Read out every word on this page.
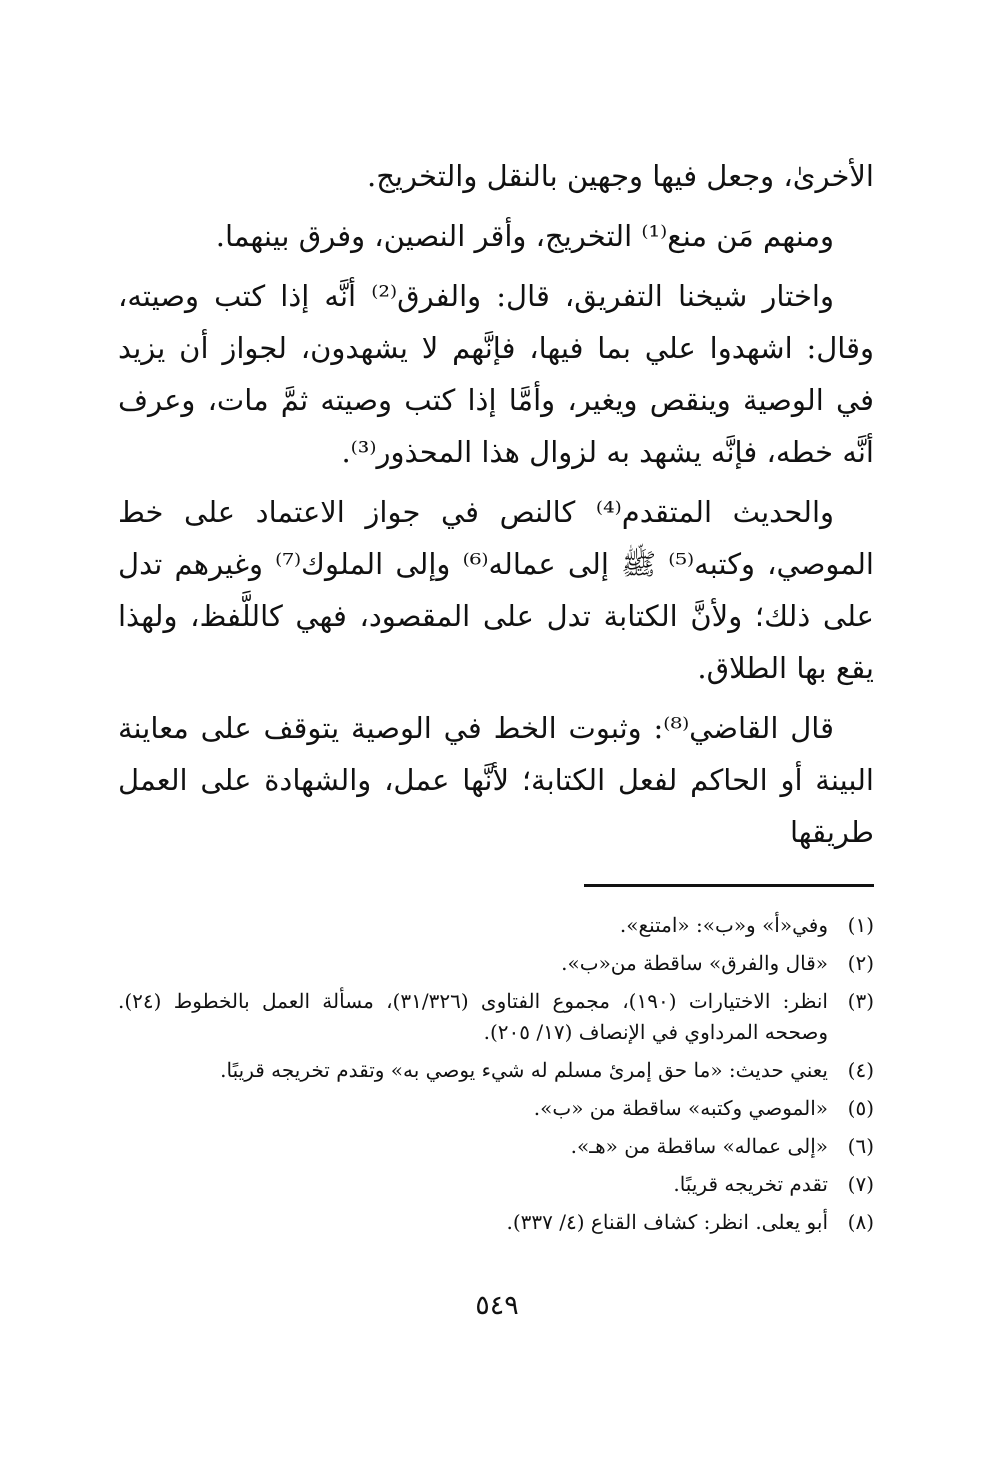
الأخرىٰ، وجعل فيها وجهين بالنقل والتخريج.

ومنهم مَن منع⁽¹⁾ التخريج، وأقر النصين، وفرق بينهما.

واختار شيخنا التفريق، قال: والفرق⁽²⁾ أنَّه إذا كتب وصيته، وقال: اشهدوا علي بما فيها، فإنَّهم لا يشهدون، لجواز أن يزيد في الوصية وينقص ويغير، وأمَّا إذا كتب وصيته ثمَّ مات، وعرف أنَّه خطه، فإنَّه يشهد به لزوال هذا المحذور⁽³⁾.

والحديث المتقدم⁽⁴⁾ كالنص في جواز الاعتماد على خط الموصي، وكتبه⁽⁵⁾ ﷺ إلى عماله⁽⁶⁾ وإلى الملوك⁽⁷⁾ وغيرهم تدل على ذلك؛ ولأنَّ الكتابة تدل على المقصود، فهي كاللَّفظ، ولهذا يقع بها الطلاق.

قال القاضي⁽⁸⁾: وثبوت الخط في الوصية يتوقف على معاينة البينة أو الحاكم لفعل الكتابة؛ لأنَّها عمل، والشهادة على العمل طريقها

(١)
وفي«أ» و«ب»: «امتنع».
(٢)
«قال والفرق» ساقطة من«ب».
(٣)
انظر: الاختيارات (١٩٠)، مجموع الفتاوى (٣١/٣٢٦)، مسألة العمل بالخطوط (٢٤). وصححه المرداوي في الإنصاف (١٧/ ٢٠٥).
(٤)
يعني حديث: «ما حق إمرئ مسلم له شيء يوصي به» وتقدم تخريجه قريبًا.
(٥)
«الموصي وكتبه» ساقطة من «ب».
(٦)
«إلى عماله» ساقطة من «هـ».
(٧)
تقدم تخريجه قريبًا.
(٨)
أبو يعلى. انظر: كشاف القناع (٤/ ٣٣٧).
٥٤٩
